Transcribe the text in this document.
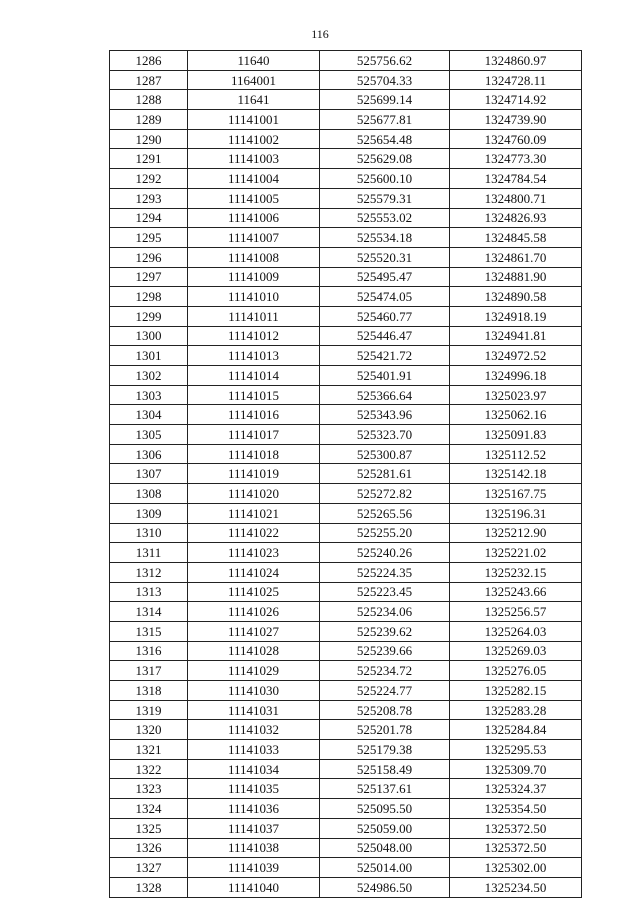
116
1286	11640	525756.62	1324860.97
1287	1164001	525704.33	1324728.11
1288	11641	525699.14	1324714.92
1289	11141001	525677.81	1324739.90
1290	11141002	525654.48	1324760.09
1291	11141003	525629.08	1324773.30
1292	11141004	525600.10	1324784.54
1293	11141005	525579.31	1324800.71
1294	11141006	525553.02	1324826.93
1295	11141007	525534.18	1324845.58
1296	11141008	525520.31	1324861.70
1297	11141009	525495.47	1324881.90
1298	11141010	525474.05	1324890.58
1299	11141011	525460.77	1324918.19
1300	11141012	525446.47	1324941.81
1301	11141013	525421.72	1324972.52
1302	11141014	525401.91	1324996.18
1303	11141015	525366.64	1325023.97
1304	11141016	525343.96	1325062.16
1305	11141017	525323.70	1325091.83
1306	11141018	525300.87	1325112.52
1307	11141019	525281.61	1325142.18
1308	11141020	525272.82	1325167.75
1309	11141021	525265.56	1325196.31
1310	11141022	525255.20	1325212.90
1311	11141023	525240.26	1325221.02
1312	11141024	525224.35	1325232.15
1313	11141025	525223.45	1325243.66
1314	11141026	525234.06	1325256.57
1315	11141027	525239.62	1325264.03
1316	11141028	525239.66	1325269.03
1317	11141029	525234.72	1325276.05
1318	11141030	525224.77	1325282.15
1319	11141031	525208.78	1325283.28
1320	11141032	525201.78	1325284.84
1321	11141033	525179.38	1325295.53
1322	11141034	525158.49	1325309.70
1323	11141035	525137.61	1325324.37
1324	11141036	525095.50	1325354.50
1325	11141037	525059.00	1325372.50
1326	11141038	525048.00	1325372.50
1327	11141039	525014.00	1325302.00
1328	11141040	524986.50	1325234.50
